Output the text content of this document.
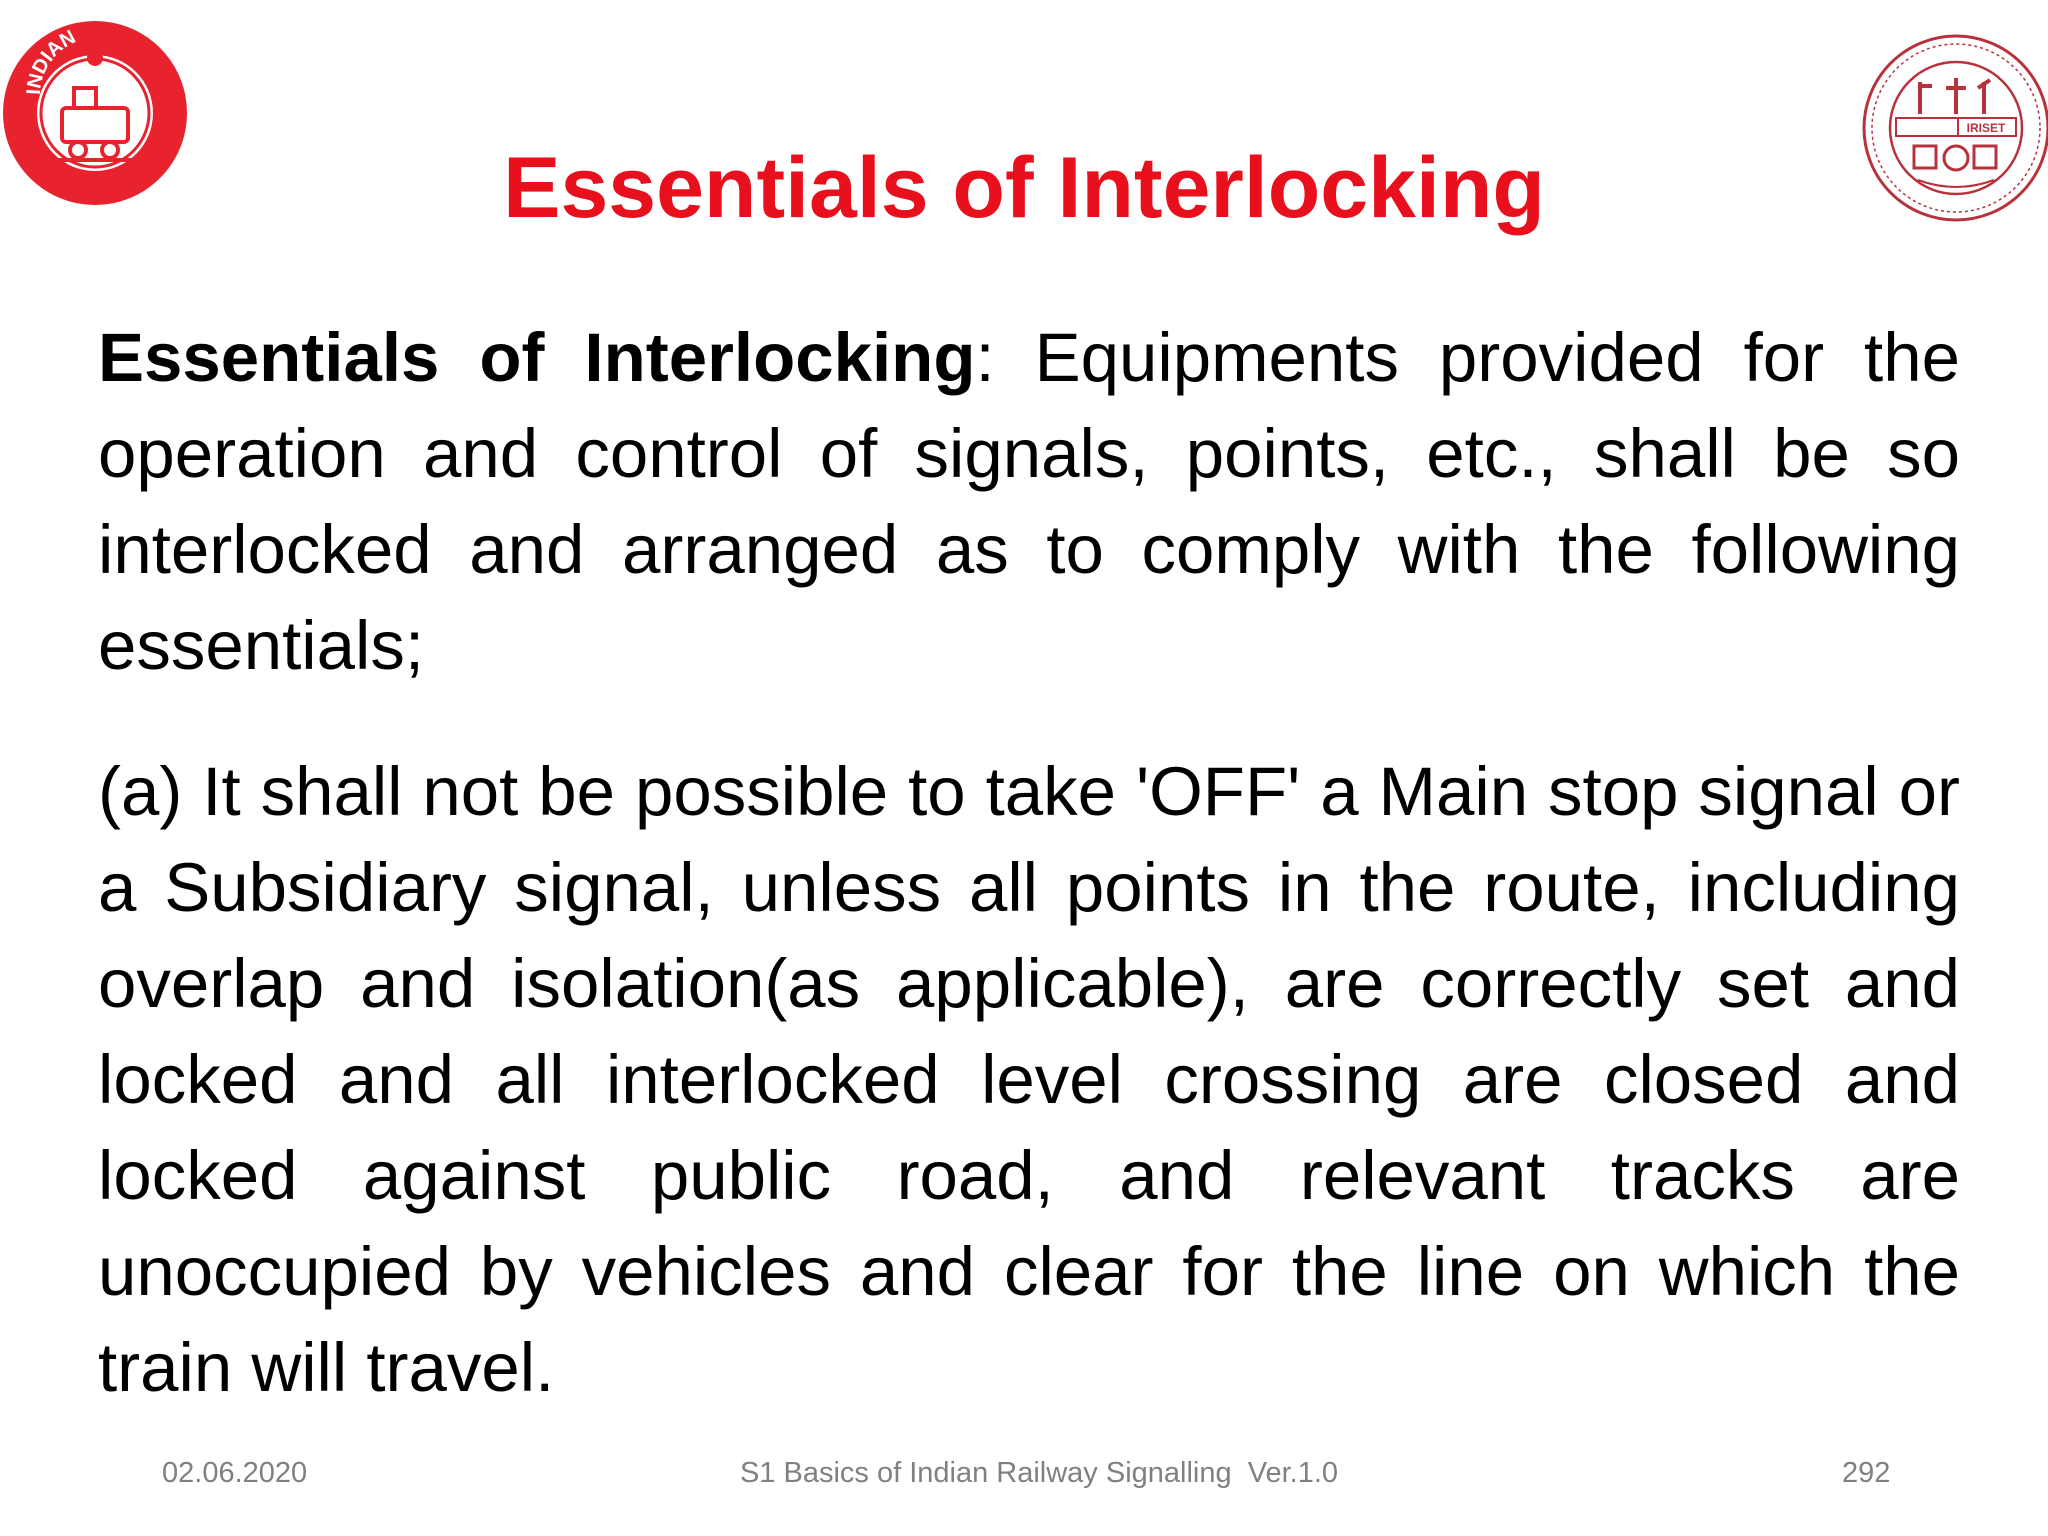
INDIAN
IRISET
Essentials of Interlocking

Essentials of Interlocking: Equipments provided for the operation and control of signals, points, etc., shall be so interlocked and arranged as to comply with the following essentials;

(a) It shall not be possible to take 'OFF' a Main stop signal or a Subsidiary signal, unless all points in the route, including overlap and isolation(as applicable), are correctly set and locked and all interlocked level crossing are closed and locked against public road, and relevant tracks are unoccupied by vehicles and clear for the line on which the train will travel.

02.06.2020	S1 Basics of Indian Railway Signalling  Ver.1.0	292
